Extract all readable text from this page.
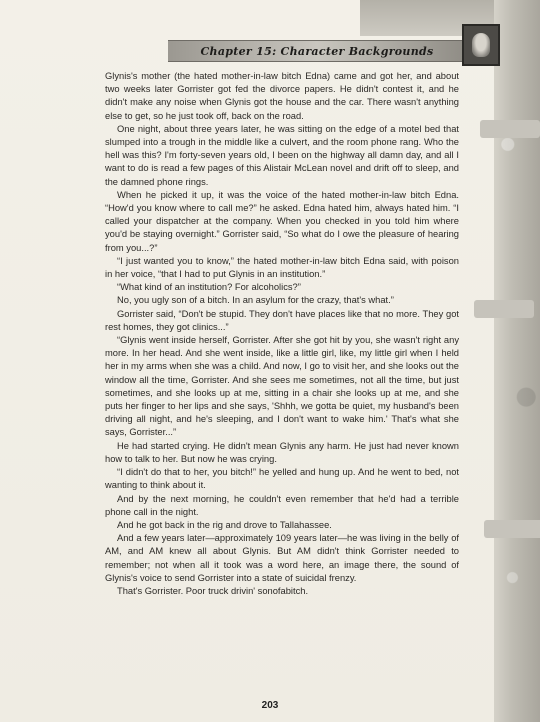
Chapter 15: Character Backgrounds

Glynis's mother (the hated mother-in-law bitch Edna) came and got her, and about two weeks later Gorrister got fed the divorce papers. He didn't contest it, and he didn't make any noise when Glynis got the house and the car. There wasn't anything else to get, so he just took off, back on the road.

One night, about three years later, he was sitting on the edge of a motel bed that slumped into a trough in the middle like a culvert, and the room phone rang. Who the hell was this? I'm forty-seven years old, I been on the highway all damn day, and all I want to do is read a few pages of this Alistair McLean novel and drift off to sleep, and the damned phone rings.

When he picked it up, it was the voice of the hated mother-in-law bitch Edna. “How'd you know where to call me?” he asked. Edna hated him, always hated him. “I called your dispatcher at the company. When you checked in you told him where you'd be staying overnight.” Gorrister said, “So what do I owe the pleasure of hearing from you...?”

“I just wanted you to know,” the hated mother-in-law bitch Edna said, with poison in her voice, “that I had to put Glynis in an institution.”

“What kind of an institution? For alcoholics?”

No, you ugly son of a bitch. In an asylum for the crazy, that's what.”

Gorrister said, “Don't be stupid. They don't have places like that no more. They got rest homes, they got clinics...”

“Glynis went inside herself, Gorrister. After she got hit by you, she wasn't right any more. In her head. And she went inside, like a little girl, like, my little girl when I held her in my arms when she was a child. And now, I go to visit her, and she looks out the window all the time, Gorrister. And she sees me sometimes, not all the time, but just sometimes, and she looks up at me, sitting in a chair she looks up at me, and she puts her finger to her lips and she says, 'Shhh, we gotta be quiet, my husband's been driving all night, and he's sleeping, and I don't want to wake him.' That's what she says, Gorrister...”

He had started crying. He didn't mean Glynis any harm. He just had never known how to talk to her. But now he was crying.

“I didn't do that to her, you bitch!” he yelled and hung up. And he went to bed, not wanting to think about it.

And by the next morning, he couldn't even remember that he'd had a terrible phone call in the night.

And he got back in the rig and drove to Tallahassee.

And a few years later—approximately 109 years later—he was living in the belly of AM, and AM knew all about Glynis. But AM didn't think Gorrister needed to remember; not when all it took was a word here, an image there, the sound of Glynis's voice to send Gorrister into a state of suicidal frenzy.

That's Gorrister. Poor truck drivin' sonofabitch.

203
